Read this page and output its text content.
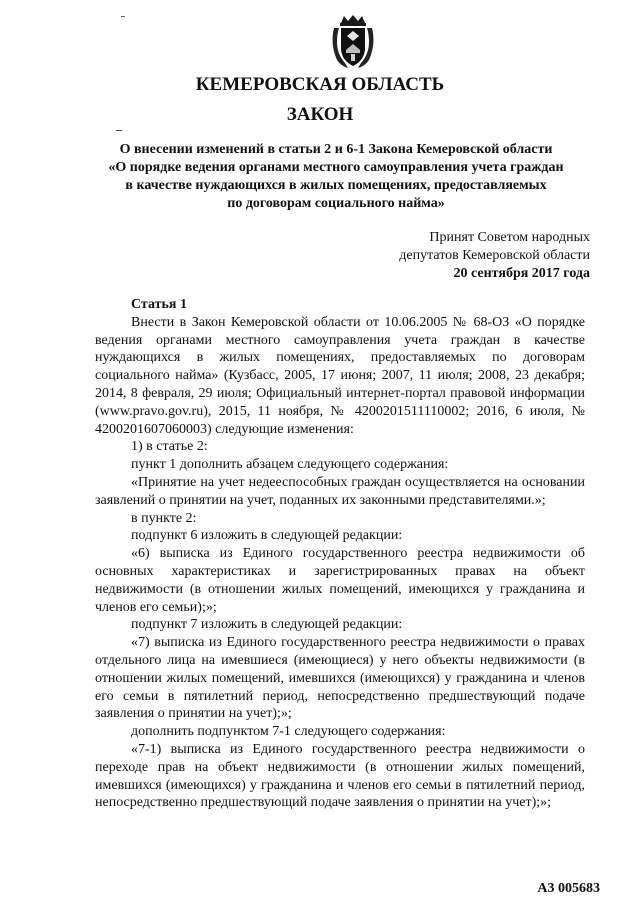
КЕМЕРОВСКАЯ ОБЛАСТЬ
ЗАКОН
О внесении изменений в статьи 2 и 6-1 Закона Кемеровской области
«О порядке ведения органами местного самоуправления учета граждан
в качестве нуждающихся в жилых помещениях, предоставляемых
по договорам социального найма»
Принят Советом народных
депутатов Кемеровской области
20 сентября 2017 года

Статья 1

Внести в Закон Кемеровской области от 10.06.2005 № 68-ОЗ «О порядке ведения органами местного самоуправления учета граждан в качестве нуждающихся в жилых помещениях, предоставляемых по договорам социального найма» (Кузбасс, 2005, 17 июня; 2007, 11 июля; 2008, 23 декабря; 2014, 8 февраля, 29 июля; Официальный интернет-портал правовой информации (www.pravo.gov.ru), 2015, 11 ноября, № 4200201511110002; 2016, 6 июля, № 4200201607060003) следующие изменения:

1) в статье 2:

пункт 1 дополнить абзацем следующего содержания:

«Принятие на учет недееспособных граждан осуществляется на основании заявлений о принятии на учет, поданных их законными представителями.»;

в пункте 2:

подпункт 6 изложить в следующей редакции:

«6) выписка из Единого государственного реестра недвижимости об основных характеристиках и зарегистрированных правах на объект недвижимости (в отношении жилых помещений, имеющихся у гражданина и членов его семьи);»;

подпункт 7 изложить в следующей редакции:

«7) выписка из Единого государственного реестра недвижимости о правах отдельного лица на имевшиеся (имеющиеся) у него объекты недвижимости (в отношении жилых помещений, имевшихся (имеющихся) у гражданина и членов его семьи в пятилетний период, непосредственно предшествующий подаче заявления о принятии на учет);»;

дополнить подпунктом 7-1 следующего содержания:

«7-1) выписка из Единого государственного реестра недвижимости о переходе прав на объект недвижимости (в отношении жилых помещений, имевшихся (имеющихся) у гражданина и членов его семьи в пятилетний период, непосредственно предшествующий подаче заявления о принятии на учет);»;

А3 005683
